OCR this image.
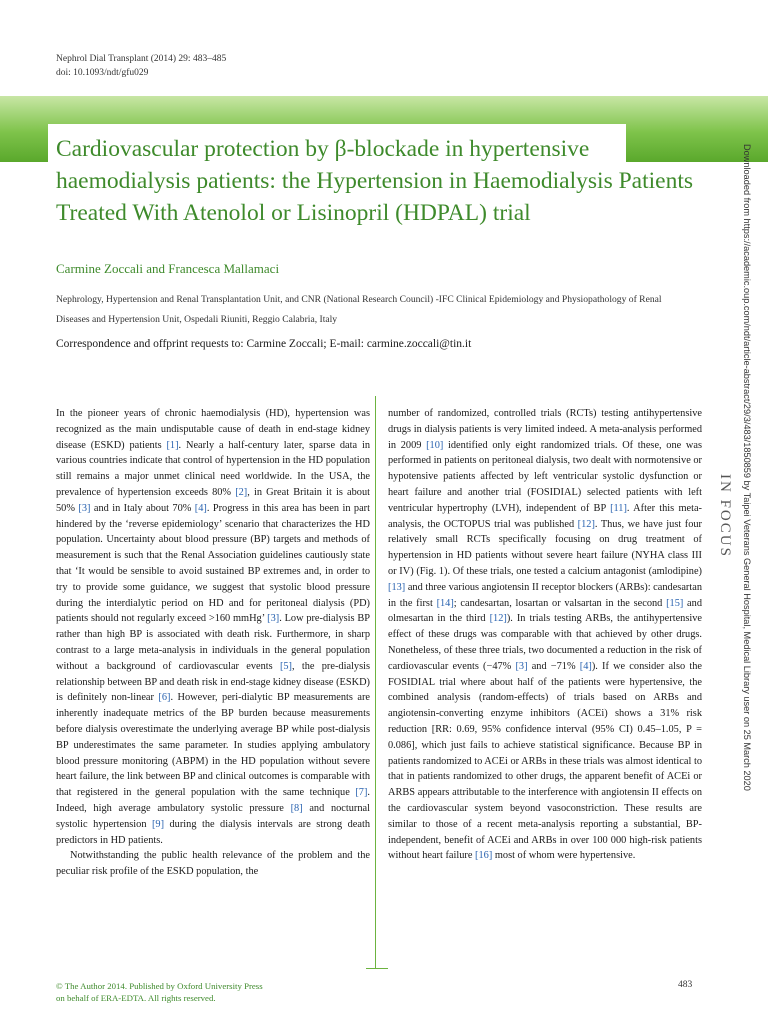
Nephrol Dial Transplant (2014) 29: 483–485
doi: 10.1093/ndt/gfu029
Cardiovascular protection by β-blockade in hypertensive haemodialysis patients: the Hypertension in Haemodialysis Patients Treated With Atenolol or Lisinopril (HDPAL) trial
Carmine Zoccali and Francesca Mallamaci
Nephrology, Hypertension and Renal Transplantation Unit, and CNR (National Research Council) -IFC Clinical Epidemiology and Physiopathology of Renal Diseases and Hypertension Unit, Ospedali Riuniti, Reggio Calabria, Italy
Correspondence and offprint requests to: Carmine Zoccali; E-mail: carmine.zoccali@tin.it

In the pioneer years of chronic haemodialysis (HD), hypertension was recognized as the main undisputable cause of death in end-stage kidney disease (ESKD) patients [1]. Nearly a half-century later, sparse data in various countries indicate that control of hypertension in the HD population still remains a major unmet clinical need worldwide. In the USA, the prevalence of hypertension exceeds 80% [2], in Great Britain it is about 50% [3] and in Italy about 70% [4]. Progress in this area has been in part hindered by the ‘reverse epidemiology’ scenario that characterizes the HD population. Uncertainty about blood pressure (BP) targets and methods of measurement is such that the Renal Association guidelines cautiously state that ‘It would be sensible to avoid sustained BP extremes and, in order to try to provide some guidance, we suggest that systolic blood pressure during the interdialytic period on HD and for peritoneal dialysis (PD) patients should not regularly exceed >160 mmHg’ [3]. Low pre-dialysis BP rather than high BP is associated with death risk. Furthermore, in sharp contrast to a large meta-analysis in individuals in the general population without a background of cardiovascular events [5], the pre-dialysis relationship between BP and death risk in end-stage kidney disease (ESKD) is definitely non-linear [6]. However, peri-dialytic BP measurements are inherently inadequate metrics of the BP burden because measurements before dialysis overestimate the underlying average BP while post-dialysis BP underestimates the same parameter. In studies applying ambulatory blood pressure monitoring (ABPM) in the HD population without severe heart failure, the link between BP and clinical outcomes is comparable with that registered in the general population with the same technique [7]. Indeed, high average ambulatory systolic pressure [8] and nocturnal systolic hypertension [9] during the dialysis intervals are strong death predictors in HD patients.

Notwithstanding the public health relevance of the problem and the peculiar risk profile of the ESKD population, the

number of randomized, controlled trials (RCTs) testing antihypertensive drugs in dialysis patients is very limited indeed. A meta-analysis performed in 2009 [10] identified only eight randomized trials. Of these, one was performed in patients on peritoneal dialysis, two dealt with normotensive or hypotensive patients affected by left ventricular systolic dysfunction or heart failure and another trial (FOSIDIAL) selected patients with left ventricular hypertrophy (LVH), independent of BP [11]. After this meta-analysis, the OCTOPUS trial was published [12]. Thus, we have just four relatively small RCTs specifically focusing on drug treatment of hypertension in HD patients without severe heart failure (NYHA class III or IV) (Fig. 1). Of these trials, one tested a calcium antagonist (amlodipine) [13] and three various angiotensin II receptor blockers (ARBs): candesartan in the first [14]; candesartan, losartan or valsartan in the second [15] and olmesartan in the third [12]). In trials testing ARBs, the antihypertensive effect of these drugs was comparable with that achieved by other drugs. Nonetheless, of these three trials, two documented a reduction in the risk of cardiovascular events (−47% [3] and −71% [4]). If we consider also the FOSIDIAL trial where about half of the patients were hypertensive, the combined analysis (random-effects) of trials based on ARBs and angiotensin-converting enzyme inhibitors (ACEi) shows a 31% risk reduction [RR: 0.69, 95% confidence interval (95% CI) 0.45–1.05, P = 0.086], which just fails to achieve statistical significance. Because BP in patients randomized to ACEi or ARBs in these trials was almost identical to that in patients randomized to other drugs, the apparent benefit of ACEi or ARBS appears attributable to the interference with angiotensin II effects on the cardiovascular system beyond vasoconstriction. These results are similar to those of a recent meta-analysis reporting a substantial, BP-independent, benefit of ACEi and ARBs in over 100 000 high-risk patients without heart failure [16] most of whom were hypertensive.

IN FOCUS Downloaded from https://academic.oup.com/ndt/article-abstract/29/3/483/1850859 by Taipei Veterans General Hospital, Medical Library user on 25 March 2020
© The Author 2014. Published by Oxford University Press
on behalf of ERA-EDTA. All rights reserved.
483
